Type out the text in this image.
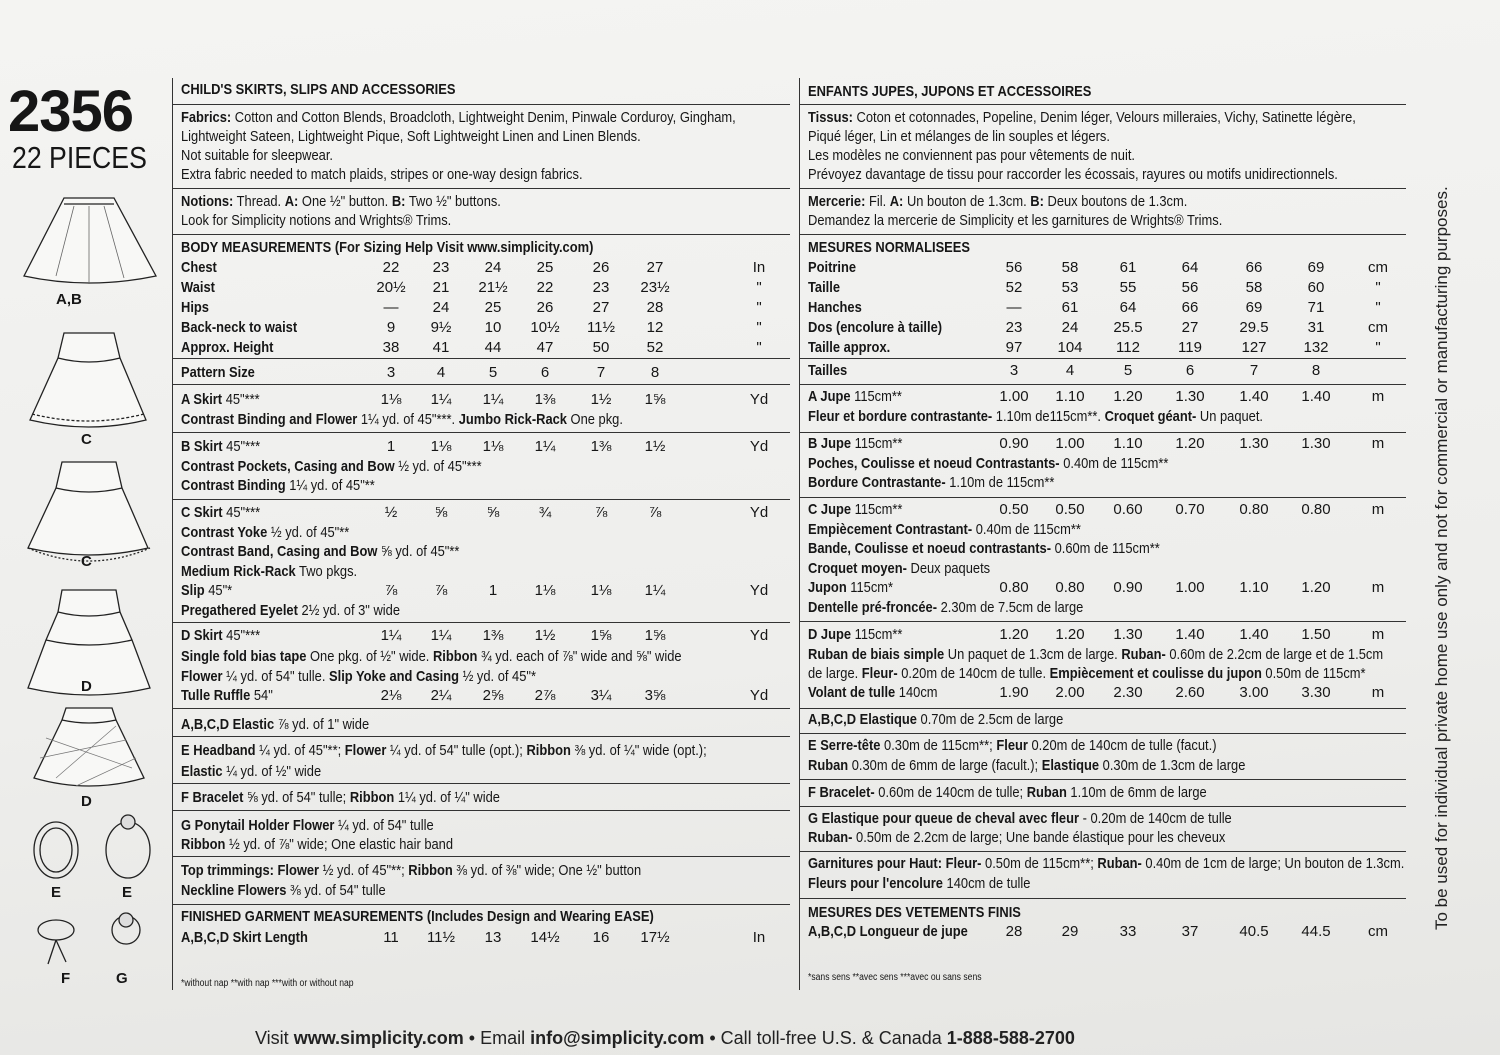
2356
22 PIECES
A,B
C
C
D
D
E	E
F	G
CHILD'S SKIRTS, SLIPS AND ACCESSORIES
Fabrics: Cotton and Cotton Blends, Broadcloth, Lightweight Denim, Pinwale Corduroy, Gingham,
Lightweight Sateen, Lightweight Pique, Soft Lightweight Linen and Linen Blends.
Not suitable for sleepwear.
Extra fabric needed to match plaids, stripes or one-way design fabrics.
Notions: Thread. A: One ½" button. B: Two ½" buttons.
Look for Simplicity notions and Wrights® Trims.
BODY MEASUREMENTS (For Sizing Help Visit www.simplicity.com)
Chest	22	23	24	25	26	27	In
Waist	20½	21	21½	22	23	23½	"
Hips	—	24	25	26	27	28	"
Back-neck to waist	9	9½	10	10½	11½	12	"
Approx. Height	38	41	44	47	50	52	"
Pattern Size	3	4	5	6	7	8
A Skirt 45"***	1⅛	1¼	1¼	1⅜	1½	1⅝	Yd
Contrast Binding and Flower 1¼ yd. of 45"***. Jumbo Rick-Rack One pkg.
B Skirt 45"***	1	1⅛	1⅛	1¼	1⅜	1½	Yd
Contrast Pockets, Casing and Bow ½ yd. of 45"***
Contrast Binding 1¼ yd. of 45"**
C Skirt 45"***	½	⅝	⅝	¾	⅞	⅞	Yd
Contrast Yoke ½ yd. of 45"**
Contrast Band, Casing and Bow ⅝ yd. of 45"**
Medium Rick-Rack Two pkgs.
Slip 45"*	⅞	⅞	1	1⅛	1⅛	1¼	Yd
Pregathered Eyelet 2½ yd. of 3" wide
D Skirt 45"***	1¼	1¼	1⅜	1½	1⅝	1⅝	Yd
Single fold bias tape One pkg. of ½" wide. Ribbon ¾ yd. each of ⅞" wide and ⅝" wide
Flower ¼ yd. of 54" tulle. Slip Yoke and Casing ½ yd. of 45"*
Tulle Ruffle 54"	2⅛	2¼	2⅝	2⅞	3¼	3⅝	Yd
A,B,C,D Elastic ⅞ yd. of 1" wide
E Headband ¼ yd. of 45"**; Flower ¼ yd. of 54" tulle (opt.); Ribbon ⅜ yd. of ¼" wide (opt.);
Elastic ¼ yd. of ½" wide
F Bracelet ⅝ yd. of 54" tulle; Ribbon 1¼ yd. of ¼" wide
G Ponytail Holder Flower ¼ yd. of 54" tulle
Ribbon ½ yd. of ⅞" wide; One elastic hair band
Top trimmings: Flower ½ yd. of 45"**; Ribbon ⅜ yd. of ⅜" wide; One ½" button
Neckline Flowers ⅜ yd. of 54" tulle
FINISHED GARMENT MEASUREMENTS (Includes Design and Wearing EASE)
A,B,C,D Skirt Length	11	11½	13	14½	16	17½	In
*without nap **with nap ***with or without nap
ENFANTS JUPES, JUPONS ET ACCESSOIRES
Tissus: Coton et cotonnades, Popeline, Denim léger, Velours milleraies, Vichy, Satinette légère,
Piqué léger, Lin et mélanges de lin souples et légers.
Les modèles ne conviennent pas pour vêtements de nuit.
Prévoyez davantage de tissu pour raccorder les écossais, rayures ou motifs unidirectionnels.
Mercerie: Fil. A: Un bouton de 1.3cm. B: Deux boutons de 1.3cm.
Demandez la mercerie de Simplicity et les garnitures de Wrights® Trims.
MESURES NORMALISEES
Poitrine	56	58	61	64	66	69	cm
Taille	52	53	55	56	58	60	"
Hanches	—	61	64	66	69	71	"
Dos (encolure à taille)	23	24	25.5	27	29.5	31	cm
Taille approx.	97	104	112	119	127	132	"
Tailles	3	4	5	6	7	8
A Jupe 115cm**	1.00	1.10	1.20	1.30	1.40	1.40	m
Fleur et bordure contrastante- 1.10m de115cm**. Croquet géant- Un paquet.
B Jupe 115cm**	0.90	1.00	1.10	1.20	1.30	1.30	m
Poches, Coulisse et noeud Contrastants- 0.40m de 115cm**
Bordure Contrastante- 1.10m de 115cm**
C Jupe 115cm**	0.50	0.50	0.60	0.70	0.80	0.80	m
Empiècement Contrastant- 0.40m de 115cm**
Bande, Coulisse et noeud contrastants- 0.60m de 115cm**
Croquet moyen- Deux paquets
Jupon 115cm*	0.80	0.80	0.90	1.00	1.10	1.20	m
Dentelle pré-froncée- 2.30m de 7.5cm de large
D Jupe 115cm**	1.20	1.20	1.30	1.40	1.40	1.50	m
Ruban de biais simple Un paquet de 1.3cm de large. Ruban- 0.60m de 2.2cm de large et de 1.5cm
de large. Fleur- 0.20m de 140cm de tulle. Empiècement et coulisse du jupon 0.50m de 115cm*
Volant de tulle 140cm	1.90	2.00	2.30	2.60	3.00	3.30	m
A,B,C,D Elastique 0.70m de 2.5cm de large
E Serre-tête 0.30m de 115cm**; Fleur 0.20m de 140cm de tulle (facut.)
Ruban 0.30m de 6mm de large (facult.); Elastique 0.30m de 1.3cm de large
F Bracelet- 0.60m de 140cm de tulle; Ruban 1.10m de 6mm de large
G Elastique pour queue de cheval avec fleur - 0.20m de 140cm de tulle
Ruban- 0.50m de 2.2cm de large; Une bande élastique pour les cheveux
Garnitures pour Haut: Fleur- 0.50m de 115cm**; Ruban- 0.40m de 1cm de large; Un bouton de 1.3cm.
Fleurs pour l'encolure 140cm de tulle
MESURES DES VETEMENTS FINIS
A,B,C,D Longueur de jupe	28	29	33	37	40.5	44.5	cm
*sans sens **avec sens ***avec ou sans sens
To be used for individual private home use only and not for commercial or manufacturing purposes.
Visit www.simplicity.com • Email info@simplicity.com • Call toll-free U.S. & Canada 1-888-588-2700
